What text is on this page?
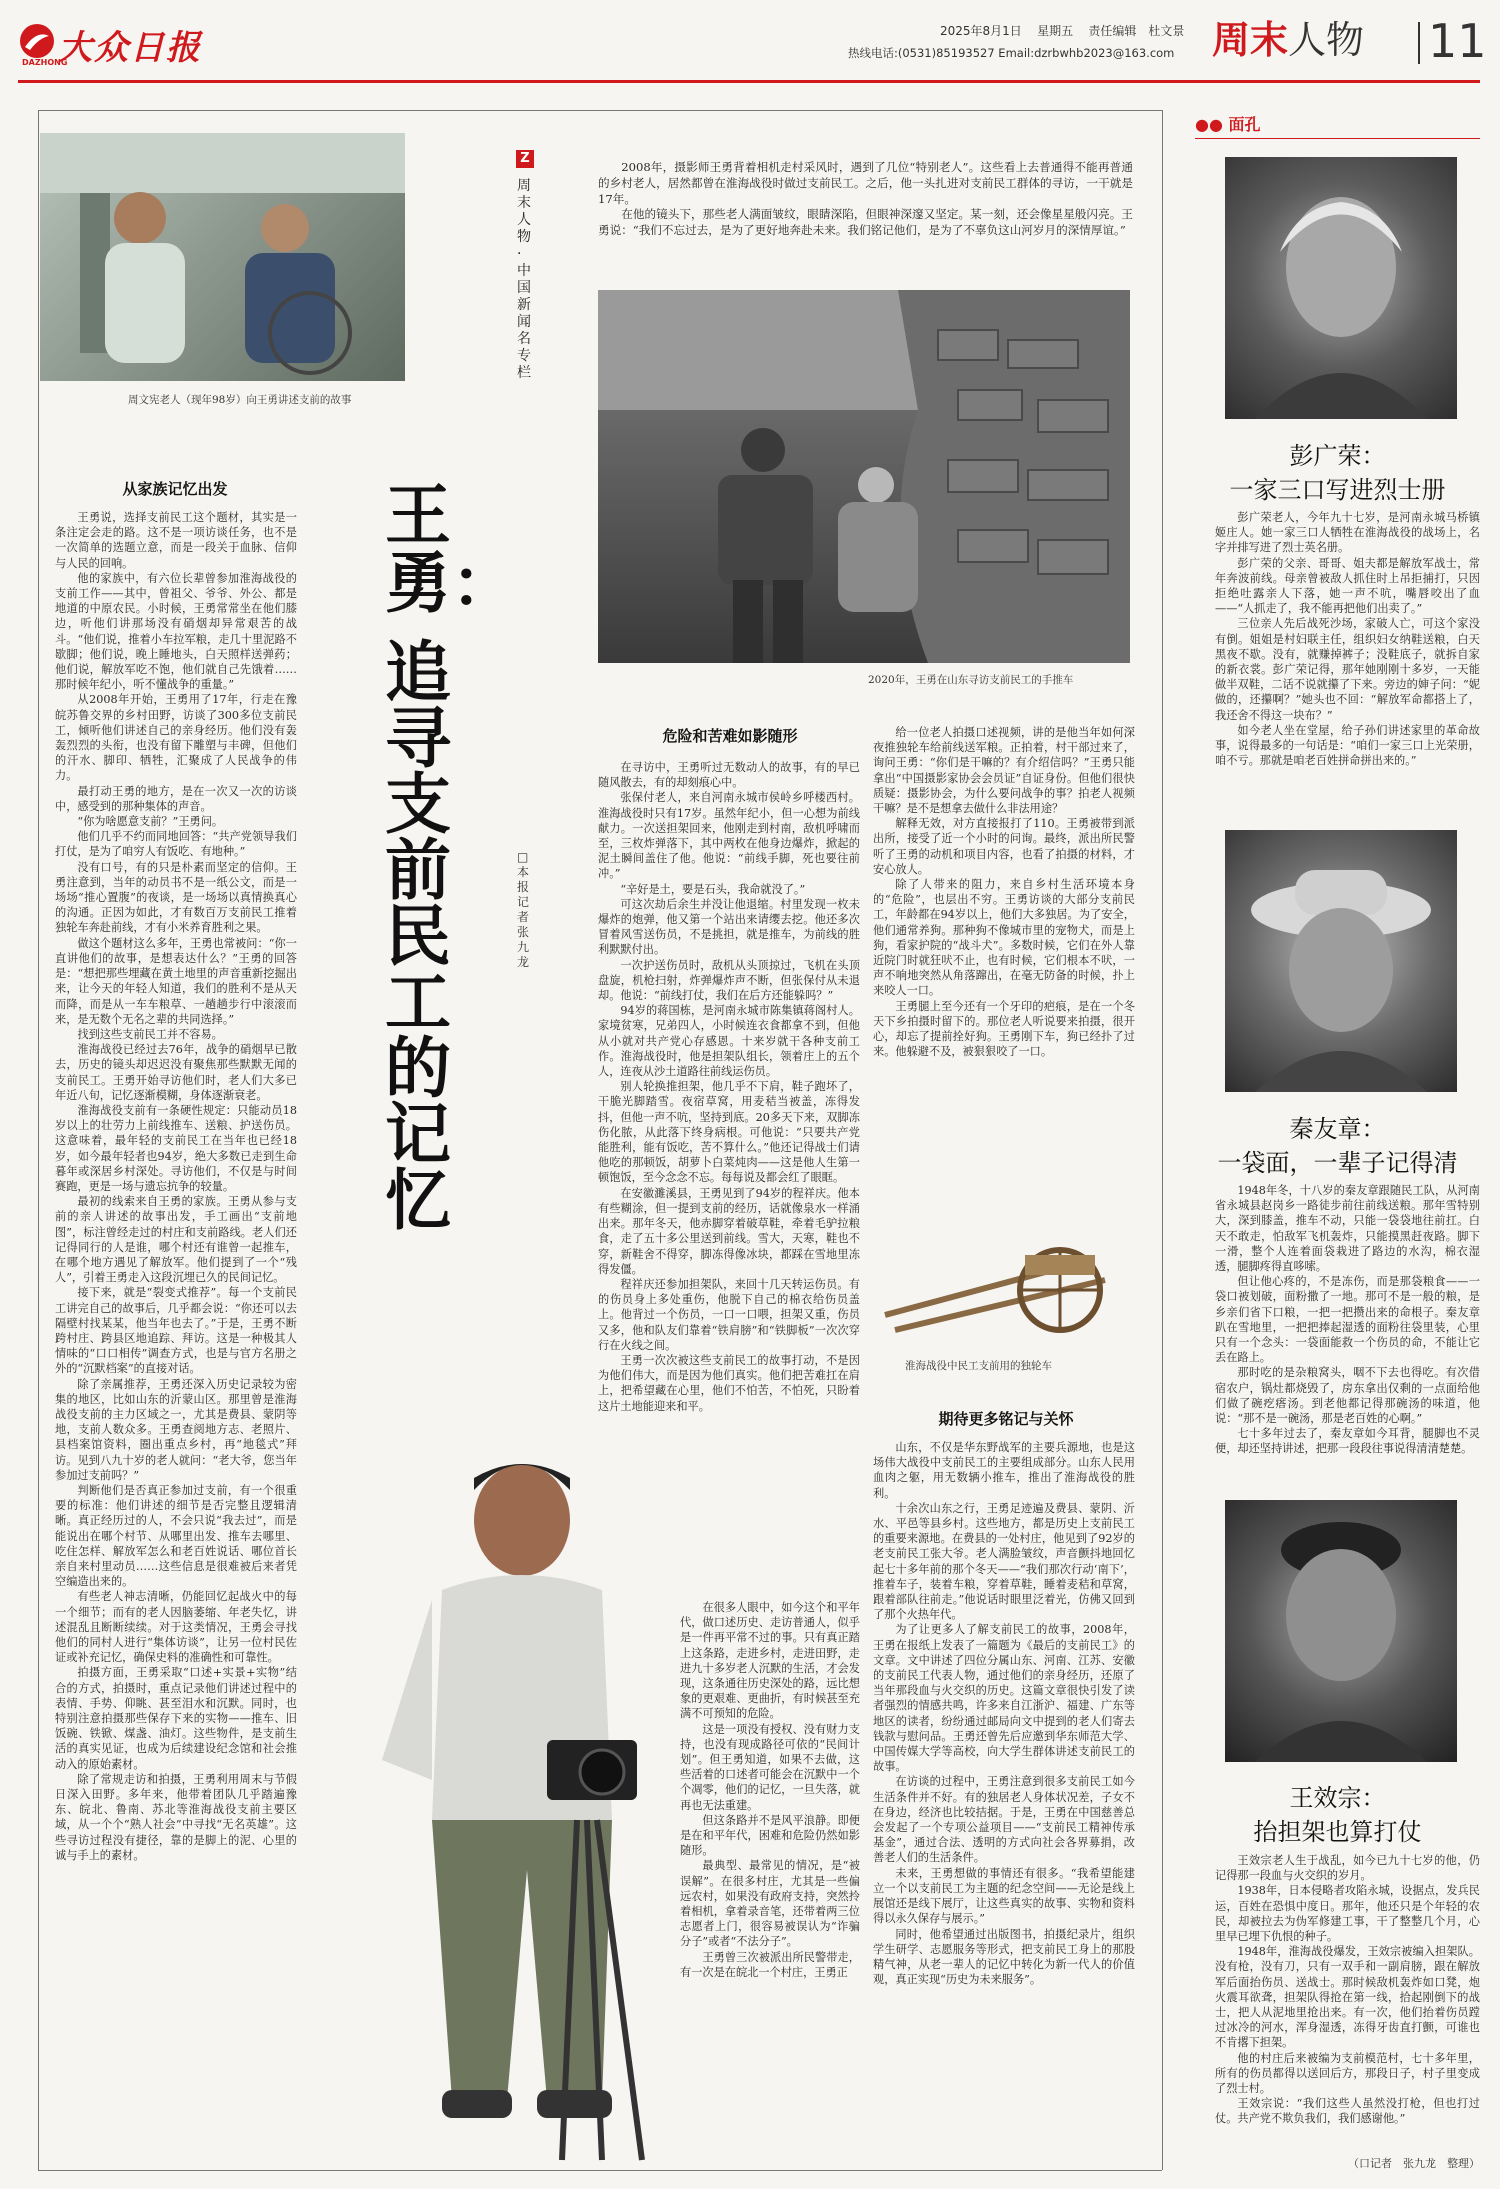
大众日报
DAZHONG
2025年8月1日 星期五 责任编辑　杜文景
热线电话:(0531)85193527 Email:dzrbwhb2023@163.com 周末人物 11
周文宪老人（现年98岁）向王勇讲述支前的故事
Z
周末人物·中国新闻名专栏
王勇：
追寻支前民工的记忆
□本报记者　张九龙
从家族记忆出发

王勇说，选择支前民工这个题材，其实是一条注定会走的路。这不是一项访谈任务，也不是一次简单的选题立意，而是一段关于血脉、信仰与人民的回响。

他的家族中，有六位长辈曾参加淮海战役的支前工作——其中，曾祖父、爷爷、外公、都是地道的中原农民。小时候，王勇常常坐在他们膝边，听他们讲那场没有硝烟却异常艰苦的战斗。“他们说，推着小车拉军粮，走几十里泥路不歇脚；他们说，晚上睡地头，白天照样送弹药；他们说，解放军吃不饱，他们就自己先饿着……那时候年纪小，听不懂战争的重量。”

从2008年开始，王勇用了17年，行走在豫皖苏鲁交界的乡村田野，访谈了300多位支前民工，倾听他们讲述自己的亲身经历。他们没有轰轰烈烈的头衔，也没有留下雕塑与丰碑，但他们的汗水、脚印、牺牲，汇聚成了人民战争的伟力。

最打动王勇的地方，是在一次又一次的访谈中，感受到的那种集体的声音。

“你为啥愿意支前？”王勇问。

他们几乎不约而同地回答：“共产党领导我们打仗，是为了咱穷人有饭吃、有地种。”

没有口号，有的只是朴素而坚定的信仰。王勇注意到，当年的动员书不是一纸公文，而是一场场“推心置腹”的夜谈，是一场场以真情换真心的沟通。正因为如此，才有数百万支前民工推着独轮车奔赴前线，才有小米养育胜利之果。

做这个题材这么多年，王勇也常被问：“你一直讲他们的故事，是想表达什么？”王勇的回答是：“想把那些埋藏在黄土地里的声音重新挖掘出来，让今天的年轻人知道，我们的胜利不是从天而降，而是从一车车粮草、一趟趟步行中滚滚而来，是无数个无名之辈的共同选择。”

找到这些支前民工并不容易。

淮海战役已经过去76年，战争的硝烟早已散去，历史的镜头却迟迟没有聚焦那些默默无闻的支前民工。王勇开始寻访他们时，老人们大多已年近八旬，记忆逐渐模糊，身体逐渐衰老。

淮海战役支前有一条硬性规定：只能动员18岁以上的壮劳力上前线推车、送粮、护送伤员。这意味着，最年轻的支前民工在当年也已经18岁，如今最年轻者也94岁，绝大多数已走到生命暮年或深居乡村深处。寻访他们，不仅是与时间赛跑，更是一场与遗忘抗争的较量。

最初的线索来自王勇的家族。王勇从参与支前的亲人讲述的故事出发，手工画出“支前地图”，标注曾经走过的村庄和支前路线。老人们还记得同行的人是谁，哪个村还有谁曾一起推车，在哪个地方遇见了解放军。他们提到了一个“残人”，引着王勇走入这段沉埋已久的民间记忆。

接下来，就是“裂变式推荐”。每一个支前民工讲完自己的故事后，几乎都会说：“你还可以去隔壁村找某某，他当年也去了。”于是，王勇不断跨村庄、跨县区地追踪、拜访。这是一种极其人情味的“口口相传”调查方式，也是与官方名册之外的“沉默档案”的直接对话。

除了亲属推荐，王勇还深入历史记录较为密集的地区，比如山东的沂蒙山区。那里曾是淮海战役支前的主力区域之一，尤其是费县、蒙阴等地，支前人数众多。王勇查阅地方志、老照片、县档案馆资料，圈出重点乡村，再“地毯式”拜访。见到八九十岁的老人就问：“老大爷，您当年参加过支前吗？”

判断他们是否真正参加过支前，有一个很重要的标准：他们讲述的细节是否完整且逻辑清晰。真正经历过的人，不会只说“我去过”，而是能说出在哪个村节、从哪里出发、推车去哪里、吃住怎样、解放军怎么和老百姓说话、哪位首长亲自来村里动员……这些信息是很难被后来者凭空编造出来的。

有些老人神志清晰，仍能回忆起战火中的每一个细节；而有的老人因脑萎缩、年老失忆，讲述混乱且断断续续。对于这类情况，王勇会寻找他们的同村人进行“集体访谈”，让另一位村民佐证或补充记忆，确保史料的准确性和可靠性。

拍摄方面，王勇采取“口述+实景+实物”结合的方式，拍摄时，重点记录他们讲述过程中的表情、手势、仰眺、甚至泪水和沉默。同时，也特别注意拍摄那些保存下来的实物——推车、旧饭碗、铁锨、煤盏、油灯。这些物件，是支前生活的真实见证，也成为后续建设纪念馆和社会推动入的原始素材。

除了常规走访和拍摄，王勇利用周末与节假日深入田野。多年来，他带着团队几乎踏遍豫东、皖北、鲁南、苏北等淮海战役支前主要区域，从一个个“熟人社会”中寻找“无名英雄”。这些寻访过程没有捷径，靠的是脚上的泥、心里的诚与手上的素材。

2008年，摄影师王勇背着相机走村采风时，遇到了几位“特别老人”。这些看上去普通得不能再普通的乡村老人，居然都曾在淮海战役时做过支前民工。之后，他一头扎进对支前民工群体的寻访，一干就是17年。

在他的镜头下，那些老人满面皱纹，眼睛深陷，但眼神深邃又坚定。某一刻，还会像星星般闪亮。王勇说：“我们不忘过去，是为了更好地奔赴未来。我们铭记他们，是为了不辜负这山河岁月的深情厚谊。”

2020年，王勇在山东寻访支前民工的手推车
危险和苦难如影随形

在寻访中，王勇听过无数动人的故事，有的早已随风散去，有的却刻痕心中。

张保付老人，来自河南永城市侯岭乡呼楼西村。淮海战役时只有17岁。虽然年纪小，但一心想为前线献力。一次送担架回来，他刚走到村南，敌机呼啸而至，三枚炸弹落下，其中两枚在他身边爆炸，掀起的泥土瞬间盖住了他。他说：“前线手脚，死也要往前冲。”

“辛好是土，要是石头，我命就没了。”

可这次劫后余生并没让他退缩。村里发现一枚未爆炸的炮弹，他又第一个站出来请缨去挖。他还多次冒着风雪送伤员，不是挑担，就是推车，为前线的胜利默默付出。

一次护送伤员时，敌机从头顶掠过，飞机在头顶盘旋，机枪扫射，炸弹爆炸声不断，但张保付从未退却。他说：“前线打仗，我们在后方还能躲吗？”

94岁的蒋国栋，是河南永城市陈集镇蒋阁村人。家境贫寒，兄弟四人，小时候连衣食都拿不到，但他从小就对共产党心存感恩。十来岁就干各种支前工作。淮海战役时，他是担架队组长，领着庄上的五个人，连夜从沙土道路往前线运伤员。

别人轮换推担架，他几乎不下肩，鞋子跑坏了，干脆光脚踏雪。夜宿草窝，用麦秸当被盖，冻得发抖，但他一声不吭，坚持到底。20多天下来，双脚冻伤化脓，从此落下终身病根。可他说：“只要共产党能胜利，能有饭吃，苦不算什么。”他还记得战士们请他吃的那顿饭，胡萝卜白菜炖肉——这是他人生第一顿饱饭，至今念念不忘。每每说及都会红了眼眶。

在安徽濉溪县，王勇见到了94岁的程祥庆。他本有些糊涂，但一提到支前的经历，话就像泉水一样涌出来。那年冬天，他赤脚穿着破草鞋，牵着毛驴拉粮食，走了五十多公里送到前线。雪大，天寒，鞋也不穿，新鞋舍不得穿，脚冻得像冰块，都踩在雪地里冻得发僵。

程祥庆还参加担架队，来回十几天转运伤员。有的伤员身上多处重伤，他脱下自己的棉衣给伤员盖上。他背过一个伤员，一口一口喂，担架又重，伤员又多，他和队友们靠着“铁肩膀”和“铁脚板”一次次穿行在火线之间。

王勇一次次被这些支前民工的故事打动，不是因为他们伟大，而是因为他们真实。他们把苦难扛在肩上，把希望藏在心里，他们不怕苦，不怕死，只盼着这片土地能迎来和平。

在很多人眼中，如今这个和平年代，做口述历史、走访普通人，似乎是一件再平常不过的事。只有真正踏上这条路，走进乡村，走进田野，走进九十多岁老人沉默的生活，才会发现，这条通往历史深处的路，远比想象的更艰难、更曲折，有时候甚至充满不可预知的危险。

这是一项没有授权、没有财力支持，也没有现成路径可依的“民间计划”。但王勇知道，如果不去做，这些活着的口述者可能会在沉默中一个个凋零，他们的记忆，一旦失落，就再也无法重建。

但这条路并不是风平浪静。即便是在和平年代，困难和危险仍然如影随形。

最典型、最常见的情况，是“被误解”。在很多村庄，尤其是一些偏远农村，如果没有政府支持，突然拎着相机，拿着录音笔，还带着两三位志愿者上门，很容易被误认为“诈骗分子”或者“不法分子”。

王勇曾三次被派出所民警带走，有一次是在皖北一个村庄，王勇正

给一位老人拍摄口述视频，讲的是他当年如何深夜推独轮车给前线送军粮。正拍着，村干部过来了，询问王勇：“你们是干嘛的？有介绍信吗？”王勇只能拿出“中国摄影家协会会员证”自证身份。但他们很快质疑：摄影协会，为什么要问战争的事？拍老人视频干嘛？是不是想拿去做什么非法用途？

解释无效，对方直接报打了110。王勇被带到派出所，接受了近一个小时的问询。最终，派出所民警听了王勇的动机和项目内容，也看了拍摄的材料，才安心放人。

除了人带来的阻力，来自乡村生活环境本身的“危险”，也层出不穷。王勇访谈的大部分支前民工，年龄都在94岁以上，他们大多独居。为了安全，他们通常养狗。那种狗不像城市里的宠物犬，而是上狗，看家护院的“战斗犬”。多数时候，它们在外人靠近院门时就狂吠不止，也有时候，它们根本不吠，一声不响地突然从角落蹿出，在毫无防备的时候，扑上来咬人一口。

王勇腿上至今还有一个牙印的疤痕，是在一个冬天下乡拍摄时留下的。那位老人听说要来拍摄，很开心，却忘了提前拴好狗。王勇刚下车，狗已经扑了过来。他躲避不及，被狠狠咬了一口。

淮海战役中民工支前用的独轮车
期待更多铭记与关怀

山东，不仅是华东野战军的主要兵源地，也是这场伟大战役中支前民工的主要组成部分。山东人民用血肉之躯，用无数辆小推车，推出了淮海战役的胜利。

十余次山东之行，王勇足迹遍及费县、蒙阴、沂水、平邑等县乡村。这些地方，都是历史上支前民工的重要来源地。在费县的一处村庄，他见到了92岁的老支前民工张大爷。老人满脸皱纹，声音颤抖地回忆起七十多年前的那个冬天——“我们那次行动‘南下’，推着车子，装着车粮，穿着草鞋，睡着麦秸和草窝，跟着部队往前走。”他说话时眼里泛着光，仿佛又回到了那个火热年代。

为了让更多人了解支前民工的故事，2008年，王勇在报纸上发表了一篇题为《最后的支前民工》的文章。文中讲述了四位分属山东、河南、江苏、安徽的支前民工代表人物，通过他们的亲身经历，还原了当年那段血与火交织的历史。这篇文章很快引发了读者强烈的情感共鸣，许多来自江浙沪、福建、广东等地区的读者，纷纷通过邮局向文中提到的老人们寄去钱款与慰问品。王勇还曾先后应邀到华东师范大学、中国传媒大学等高校，向大学生群体讲述支前民工的故事。

在访谈的过程中，王勇注意到很多支前民工如今生活条件并不好。有的独居老人身体状况差，子女不在身边，经济也比较拮据。于是，王勇在中国慈善总会发起了一个专项公益项目——“支前民工精神传承基金”，通过合法、透明的方式向社会各界募捐，改善老人们的生活条件。

未来，王勇想做的事情还有很多。“我希望能建立一个以支前民工为主题的纪念空间——无论是线上展馆还是线下展厅，让这些真实的故事、实物和资料得以永久保存与展示。”

同时，他希望通过出版图书，拍摄纪录片，组织学生研学、志愿服务等形式，把支前民工身上的那股精气神，从老一辈人的记忆中转化为新一代人的价值观，真正实现“历史为未来服务”。

●● 面孔
彭广荣：
一家三口写进烈士册

彭广荣老人，今年九十七岁，是河南永城马桥镇姬庄人。她一家三口人牺牲在淮海战役的战场上，名字并排写进了烈士英名册。

彭广荣的父亲、哥哥、姐夫都是解放军战士，常年奔波前线。母亲曾被敌人抓住时上吊拒捕打，只因拒绝吐露亲人下落，她一声不吭，嘴唇咬出了血——“人抓走了，我不能再把他们出卖了。”

三位亲人先后战死沙场，家破人亡，可这个家没有倒。姐姐是村妇联主任，组织妇女纳鞋送粮，白天黑夜不歇。没有，就赚掉裤子；没鞋底子，就拆自家的新衣裳。彭广荣记得，那年她刚刚十多岁，一天能做半双鞋，二话不说就攥了下来。旁边的婶子问：“妮做的，还攥啊？”她头也不回：“解放军命都搭上了，我还舍不得这一块布？”

如今老人坐在堂屋，给子孙们讲述家里的革命故事，说得最多的一句话是：“咱们一家三口上光荣册，咱不亏。那就是咱老百姓拼命拼出来的。”

秦友章：
一袋面，一辈子记得清

1948年冬，十八岁的秦友章跟随民工队，从河南省永城县赵岗乡一路徒步前往前线送粮。那年雪特别大，深到膝盖，推车不动，只能一袋袋地往前扛。白天不敢走，怕敌军飞机轰炸，只能摸黑赶夜路。脚下一滑，整个人连着面袋栽进了路边的水沟，棉衣湿透，腿脚疼得直哆嗦。

但让他心疼的，不是冻伤，而是那袋粮食——一袋口被划破，面粉撒了一地。那可不是一般的粮，是乡亲们省下口粮，一把一把攒出来的命根子。秦友章趴在雪地里，一把把捧起湿透的面粉往袋里装，心里只有一个念头：一袋面能救一个伤员的命，不能让它丢在路上。

那时吃的是杂粮窝头，咽不下去也得吃。有次借宿农户，锅灶都烧毁了，房东拿出仅剩的一点面给他们做了碗疙瘩汤。到老他都记得那碗汤的味道，他说：“那不是一碗汤，那是老百姓的心啊。”

七十多年过去了，秦友章如今耳背，腿脚也不灵便，却还坚持讲述，把那一段段往事说得清清楚楚。

王效宗：
抬担架也算打仗

王效宗老人生于战乱，如今已九十七岁的他，仍记得那一段血与火交织的岁月。

1938年，日本侵略者攻陷永城，设据点，发兵民运，百姓在恐惧中度日。那年，他还只是个年轻的农民，却被拉去为伪军修建工事，干了整整几个月，心里早已埋下仇恨的种子。

1948年，淮海战役爆发，王效宗被编入担架队。没有枪，没有刀，只有一双手和一副肩膀，跟在解放军后面抬伤员、送战士。那时候敌机轰炸如口凳，炮火震耳欲聋，担架队得抢在第一线，拾起刚倒下的战士，把人从泥地里抢出来。有一次，他们抬着伤员蹚过冰冷的河水，浑身湿透，冻得牙齿直打颤，可谁也不肯撂下担架。

他的村庄后来被编为支前模范村，七十多年里，所有的伤员都得以送回后方，那段日子，村子里变成了烈士村。

王效宗说：“我们这些人虽然没打枪，但也打过仗。共产党不欺负我们，我们感谢他。”

（口记者　张九龙　整理）
